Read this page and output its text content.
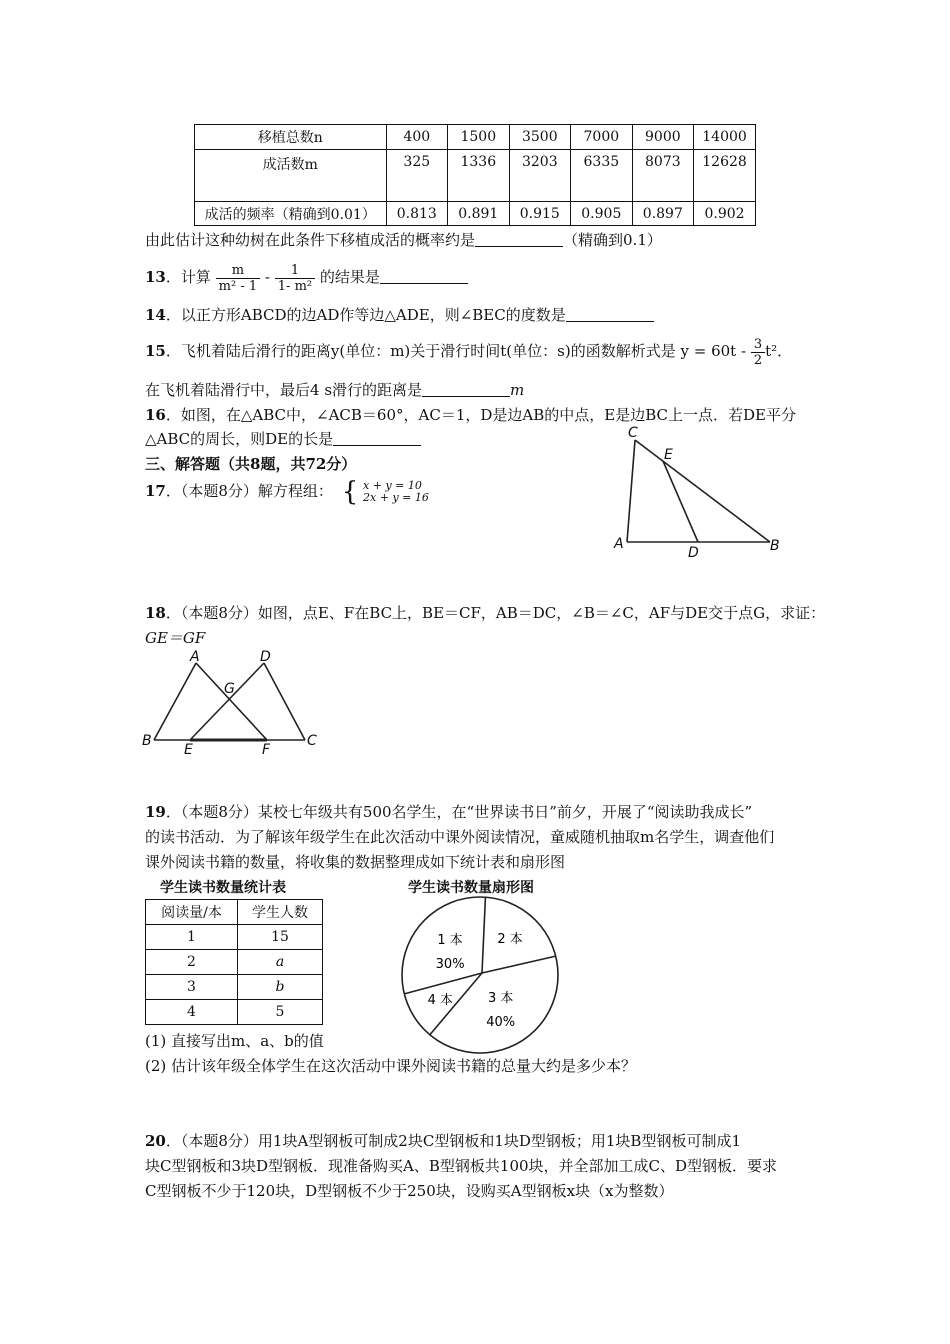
移植总数n	400	1500	3500	7000	9000	14000
成活数m	325	1336	3203	6335	8073	12628
成活的频率（精确到0.01）	0.813	0.891	0.915	0.905	0.897	0.902
由此估计这种幼树在此条件下移植成活的概率约是	（精确到0.1）
13．计算 $\frac{m}{\text{m² - 1}} - \frac{1}{\text{1- m²}}$ 的结果是
14．以正方形ABCD的边AD作等边△ADE，则∠BEC的度数是
15．飞机着陆后滑行的距离y(单位：m)关于滑行时间t(单位：s)的函数解析式是 $y = 60t - \frac{3}{2} t^2$．
在飞机着陆滑行中，最后4 s滑行的距离是	m
16．如图，在△ABC中，∠ACB＝60°，AC＝1，D是边AB的中点，E是边BC上一点．若DE平分
△ABC的周长，则DE的长是
三、解答题（共8题，共72分）
17．（本题8分）解方程组： { x + y = 10
2x + y = 16
C
E
A
D	B
18．（本题8分）如图，点E、F在BC上，BE＝CF，AB＝DC，∠B＝∠C，AF与DE交于点G，求证：
GE＝GF
A	D
G
B
E	F
C
19．（本题8分）某校七年级共有500名学生，在“世界读书日”前夕，开展了“阅读助我成长”
的读书活动．为了解该年级学生在此次活动中课外阅读情况，童威随机抽取m名学生，调查他们
课外阅读书籍的数量，将收集的数据整理成如下统计表和扇形图
学生读书数量统计表
阅读量/本	学生人数
1	15
2	a
3	b
4	5
学生读书数量扇形图
1 本
30%
2 本
3 本
40%
4 本
(1) 直接写出m、a、b的值
(2) 估计该年级全体学生在这次活动中课外阅读书籍的总量大约是多少本？
20．（本题8分）用1块A型钢板可制成2块C型钢板和1块D型钢板；用1块B型钢板可制成1
块C型钢板和3块D型钢板．现准备购买A、B型钢板共100块，并全部加工成C、D型钢板．要求
C型钢板不少于120块，D型钢板不少于250块，设购买A型钢板x块（x为整数）
